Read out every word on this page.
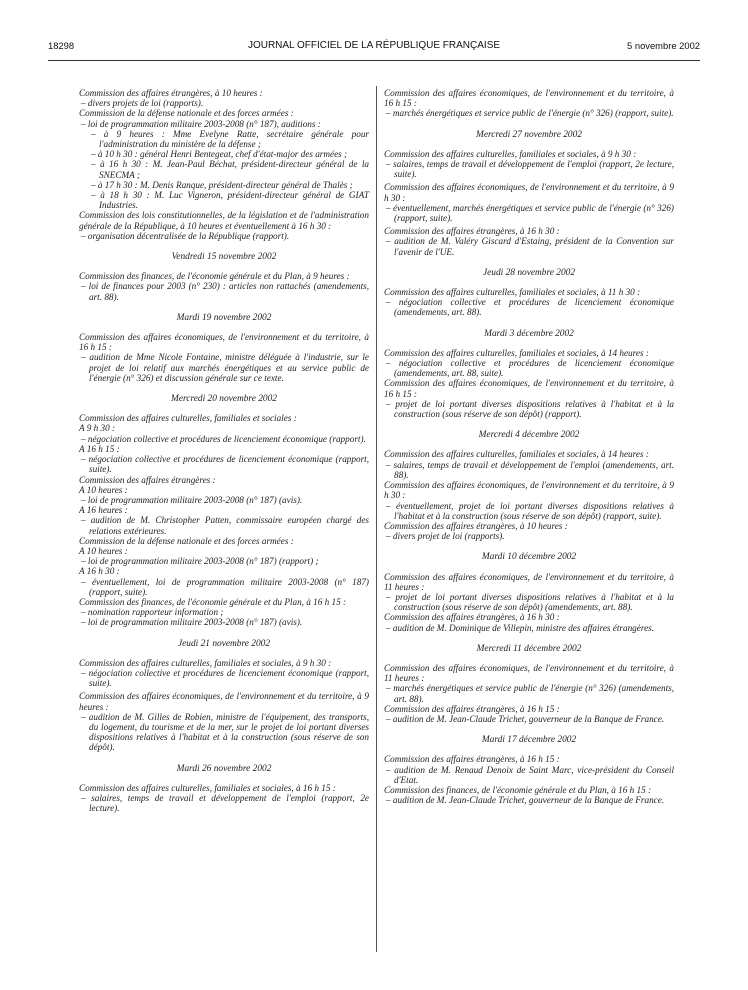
18298	JOURNAL OFFICIEL DE LA RÉPUBLIQUE FRANÇAISE	5 novembre 2002

Commission des affaires étrangères, à 10 heures :

– divers projets de loi (rapports).

Commission de la défense nationale et des forces armées :

– loi de programmation militaire 2003-2008 (n° 187), auditions :

– à 9 heures : Mme Evelyne Ratte, secrétaire générale pour l'administration du ministère de la défense ;

– à 10 h 30 : général Henri Bentegeat, chef d'état-major des armées ;

– à 16 h 30 : M. Jean-Paul Béchat, président-directeur général de la SNECMA ;

– à 17 h 30 : M. Denis Ranque, président-directeur général de Thalès ;

– à 18 h 30 : M. Luc Vigneron, président-directeur général de GIAT Industries.

Commission des lois constitutionnelles, de la législation et de l'administration générale de la République, à 10 heures et éventuellement à 16 h 30 :

– organisation décentralisée de la République (rapport).

Vendredi 15 novembre 2002

Commission des finances, de l'économie générale et du Plan, à 9 heures :

– loi de finances pour 2003 (n° 230) : articles non rattachés (amendements, art. 88).

Mardi 19 novembre 2002

Commission des affaires économiques, de l'environnement et du territoire, à 16 h 15 :

– audition de Mme Nicole Fontaine, ministre déléguée à l'industrie, sur le projet de loi relatif aux marchés énergétiques et au service public de l'énergie (n° 326) et discussion générale sur ce texte.

Mercredi 20 novembre 2002

Commission des affaires culturelles, familiales et sociales :

A 9 h 30 :

– négociation collective et procédures de licenciement économique (rapport).

A 16 h 15 :

– négociation collective et procédures de licenciement économique (rapport, suite).

Commission des affaires étrangères :

A 10 heures :

– loi de programmation militaire 2003-2008 (n° 187) (avis).

A 16 heures :

– audition de M. Christopher Patten, commissaire européen chargé des relations extérieures.

Commission de la défense nationale et des forces armées :

A 10 heures :

– loi de programmation militaire 2003-2008 (n° 187) (rapport) ;

A 16 h 30 :

– éventuellement, loi de programmation militaire 2003-2008 (n° 187) (rapport, suite).

Commission des finances, de l'économie générale et du Plan, à 16 h 15 :

– nomination rapporteur information ;

– loi de programmation militaire 2003-2008 (n° 187) (avis).

Jeudi 21 novembre 2002

Commission des affaires culturelles, familiales et sociales, à 9 h 30 :

– négociation collective et procédures de licenciement économique (rapport, suite).

Commission des affaires économiques, de l'environnement et du territoire, à 9 heures :

– audition de M. Gilles de Robien, ministre de l'équipement, des transports, du logement, du tourisme et de la mer, sur le projet de loi portant diverses dispositions relatives à l'habitat et à la construction (sous réserve de son dépôt).

Mardi 26 novembre 2002

Commission des affaires culturelles, familiales et sociales, à 16 h 15 :

– salaires, temps de travail et développement de l'emploi (rapport, 2e lecture).

Commission des affaires économiques, de l'environnement et du territoire, à 16 h 15 :

– marchés énergétiques et service public de l'énergie (n° 326) (rapport, suite).

Mercredi 27 novembre 2002

Commission des affaires culturelles, familiales et sociales, à 9 h 30 :

– salaires, temps de travail et développement de l'emploi (rapport, 2e lecture, suite).

Commission des affaires économiques, de l'environnement et du territoire, à 9 h 30 :

– éventuellement, marchés énergétiques et service public de l'énergie (n° 326) (rapport, suite).

Commission des affaires étrangères, à 16 h 30 :

– audition de M. Valéry Giscard d'Estaing, président de la Convention sur l'avenir de l'UE.

Jeudi 28 novembre 2002

Commission des affaires culturelles, familiales et sociales, à 11 h 30 :

– négociation collective et procédures de licenciement économique (amendements, art. 88).

Mardi 3 décembre 2002

Commission des affaires culturelles, familiales et sociales, à 14 heures :

– négociation collective et procédures de licenciement économique (amendements, art. 88, suite).

Commission des affaires économiques, de l'environnement et du territoire, à 16 h 15 :

– projet de loi portant diverses dispositions relatives à l'habitat et à la construction (sous réserve de son dépôt) (rapport).

Mercredi 4 décembre 2002

Commission des affaires culturelles, familiales et sociales, à 14 heures :

– salaires, temps de travail et développement de l'emploi (amendements, art. 88).

Commission des affaires économiques, de l'environnement et du territoire, à 9 h 30 :

– éventuellement, projet de loi portant diverses dispositions relatives à l'habitat et à la construction (sous réserve de son dépôt) (rapport, suite).

Commission des affaires étrangères, à 10 heures :

– divers projet de loi (rapports).

Mardi 10 décembre 2002

Commission des affaires économiques, de l'environnement et du territoire, à 11 heures :

– projet de loi portant diverses dispositions relatives à l'habitat et à la construction (sous réserve de son dépôt) (amendements, art. 88).

Commission des affaires étrangères, à 16 h 30 :

– audition de M. Dominique de Villepin, ministre des affaires étrangères.

Mercredi 11 décembre 2002

Commission des affaires économiques, de l'environnement et du territoire, à 11 heures :

– marchés énergétiques et service public de l'énergie (n° 326) (amendements, art. 88).

Commission des affaires étrangères, à 16 h 15 :

– audition de M. Jean-Claude Trichet, gouverneur de la Banque de France.

Mardi 17 décembre 2002

Commission des affaires étrangères, à 16 h 15 :

– audition de M. Renaud Denoix de Saint Marc, vice-président du Conseil d'Etat.

Commission des finances, de l'économie générale et du Plan, à 16 h 15 :

– audition de M. Jean-Claude Trichet, gouverneur de la Banque de France.
